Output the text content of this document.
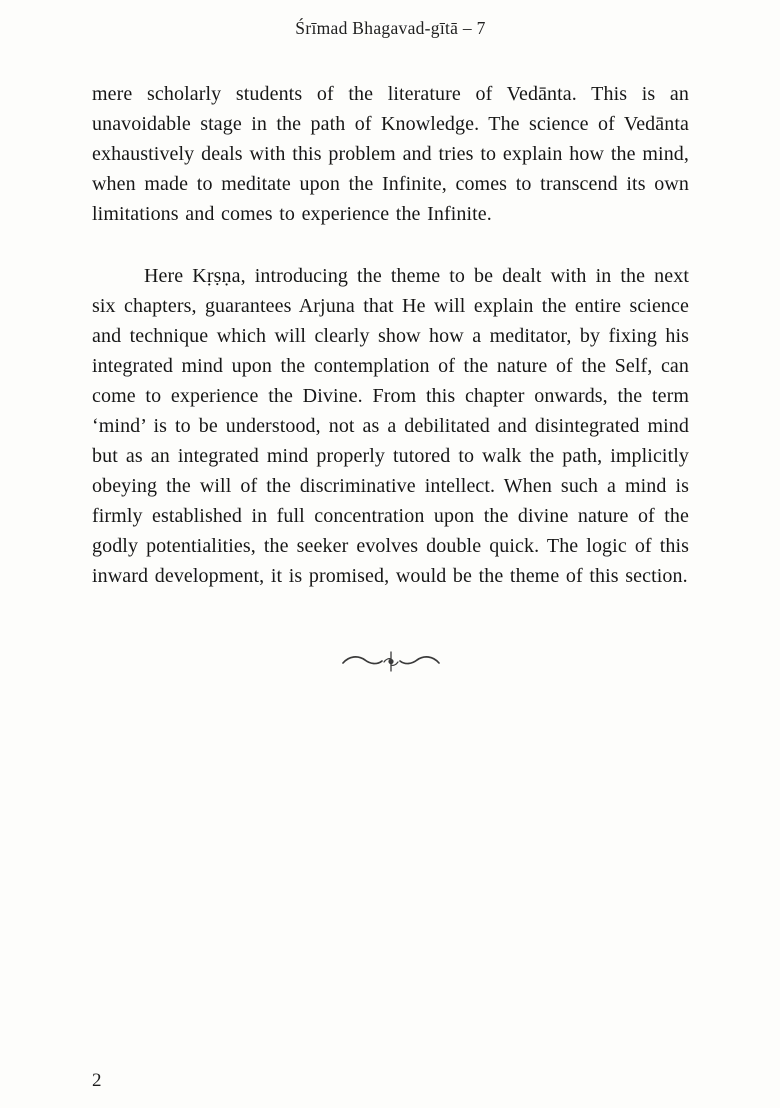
Śrīmad Bhagavad-gītā – 7

mere scholarly students of the literature of Vedānta. This is an unavoidable stage in the path of Knowledge. The science of Vedānta exhaustively deals with this problem and tries to explain how the mind, when made to meditate upon the Infinite, comes to transcend its own limitations and comes to experience the Infinite.

Here Kṛṣṇa, introducing the theme to be dealt with in the next six chapters, guarantees Arjuna that He will explain the entire science and technique which will clearly show how a meditator, by fixing his integrated mind upon the contemplation of the nature of the Self, can come to experience the Divine. From this chapter onwards, the term ‘mind’ is to be understood, not as a debilitated and disintegrated mind but as an integrated mind properly tutored to walk the path, implicitly obeying the will of the discriminative intellect. When such a mind is firmly established in full concentration upon the divine nature of the godly potentialities, the seeker evolves double quick. The logic of this inward development, it is promised, would be the theme of this section.

2
